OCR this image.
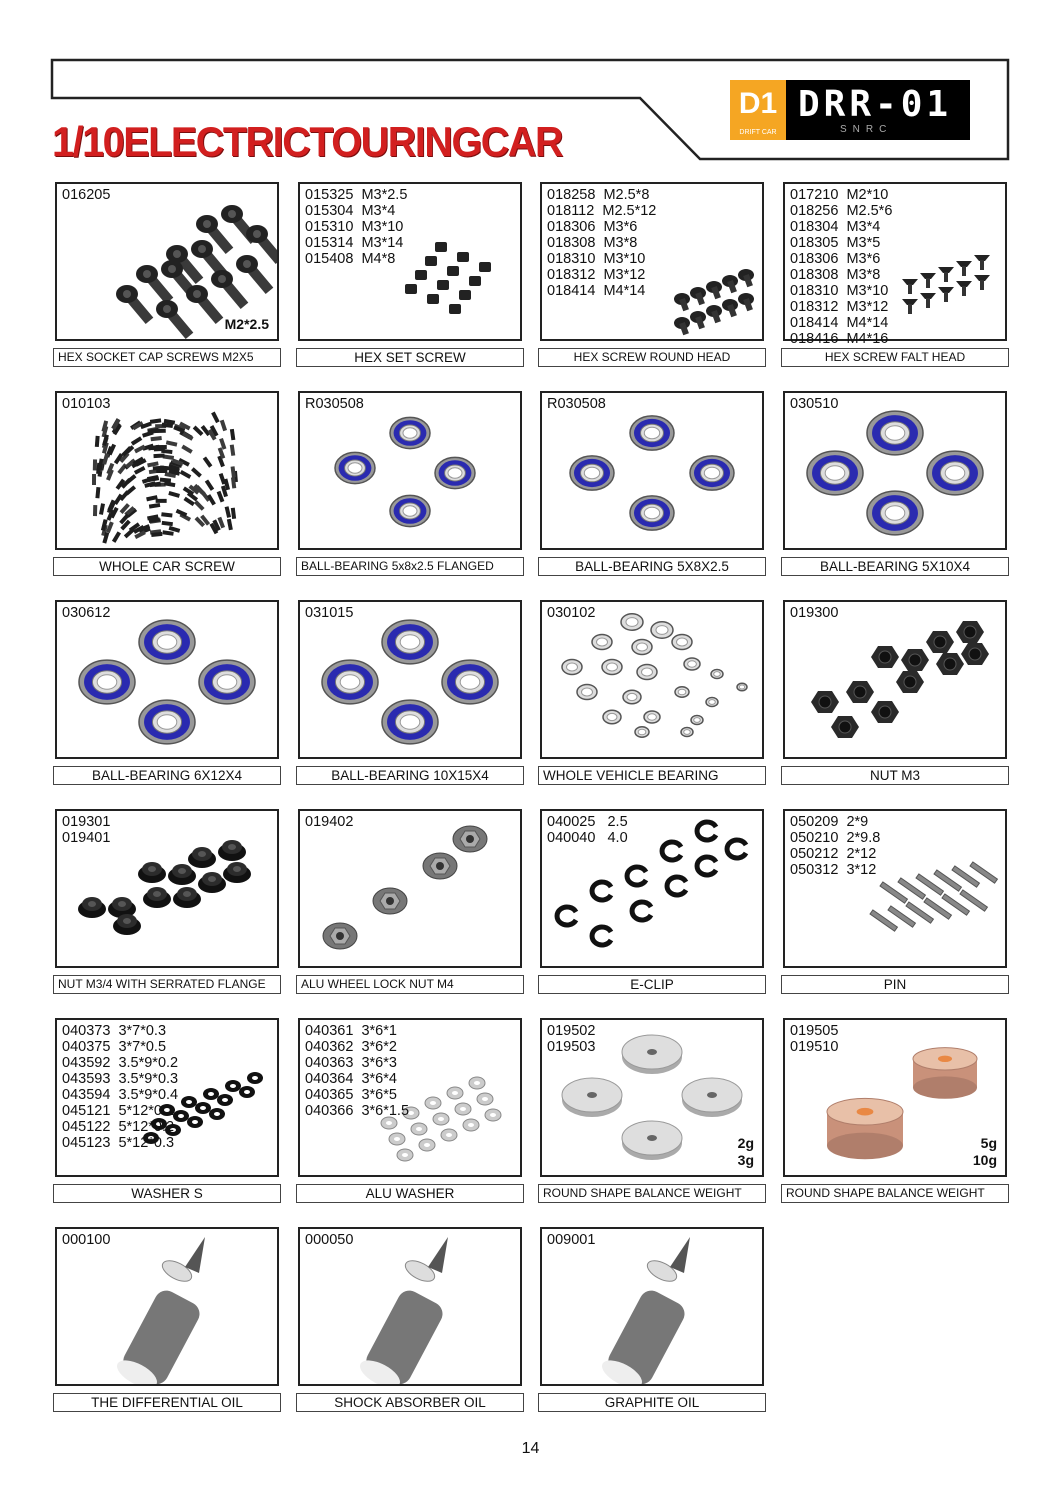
1/10ELECTRICTOURINGCAR
D1
DRIFT CAR
DRR-01
SNRC
016205
M2*2.5
HEX SOCKET CAP SCREWS M2X5
015325  M3*2.5
015304  M3*4
015310  M3*10
015314  M3*14
015408  M4*8
HEX SET SCREW
018258  M2.5*8
018112  M2.5*12
018306  M3*6
018308  M3*8
018310  M3*10
018312  M3*12
018414  M4*14
HEX SCREW ROUND HEAD
017210  M2*10
018256  M2.5*6
018304  M3*4
018305  M3*5
018306  M3*6
018308  M3*8
018310  M3*10
018312  M3*12
018414  M4*14
018416  M4*16
HEX SCREW FALT HEAD
010103
WHOLE CAR SCREW
R030508
BALL-BEARING 5x8x2.5 FLANGED
R030508
BALL-BEARING 5X8X2.5
030510
BALL-BEARING 5X10X4
030612
BALL-BEARING 6X12X4
031015
BALL-BEARING 10X15X4
030102
WHOLE VEHICLE BEARING
019300
NUT M3
019301
019401
NUT M3/4 WITH SERRATED FLANGE
019402
ALU WHEEL LOCK NUT M4
040025   2.5
040040   4.0
E-CLIP
050209  2*9
050210  2*9.8
050212  2*12
050312  3*12
PIN
040373  3*7*0.3
040375  3*7*0.5
043592  3.5*9*0.2
043593  3.5*9*0.3
043594  3.5*9*0.4
045121  5*12*0.1
045122  5*12*0.2
045123  5*12*0.3
WASHER S
040361  3*6*1
040362  3*6*2
040363  3*6*3
040364  3*6*4
040365  3*6*5
040366  3*6*1.5
ALU WASHER
019502
019503
2g
3g
ROUND SHAPE BALANCE WEIGHT
019505
019510
5g
10g
ROUND SHAPE BALANCE WEIGHT
000100
THE DIFFERENTIAL OIL
000050
SHOCK ABSORBER OIL
009001
GRAPHITE OIL
14
